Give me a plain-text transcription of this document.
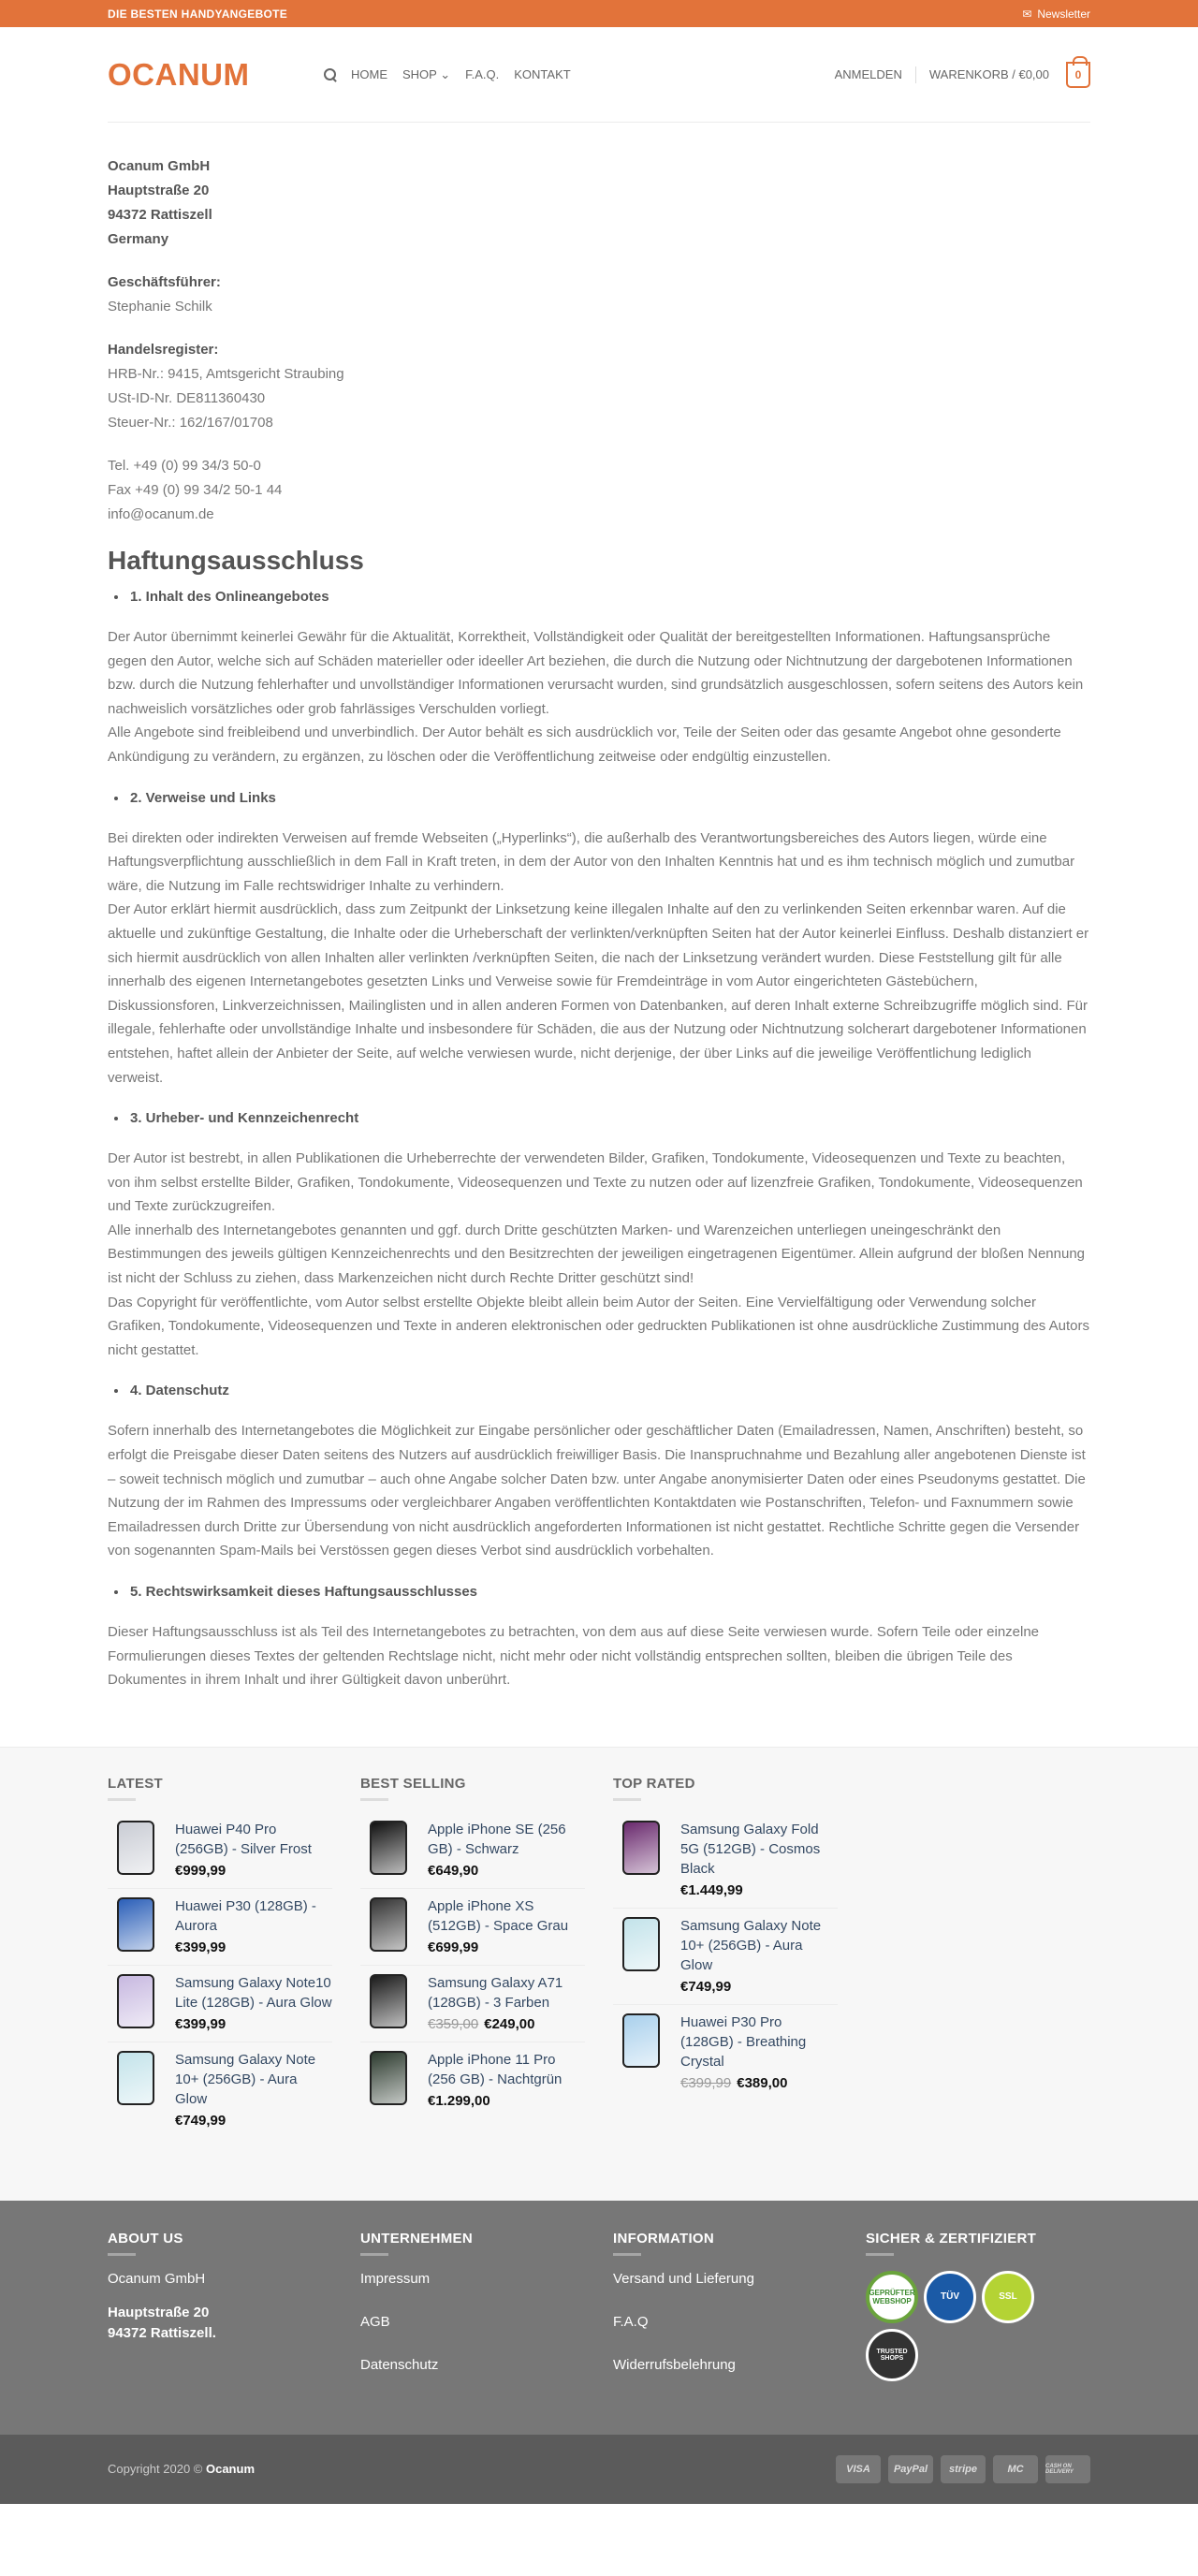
DIE BESTEN HANDYANGEBOTE	✉ Newsletter
OCANUM	HOME SHOP ⌄ F.A.Q. KONTAKT	ANMELDEN WARENKORB / €0,00	0

Ocanum GmbH

Hauptstraße 20

94372 Rattiszell

Germany

Geschäftsführer:

Stephanie Schilk

Handelsregister:

HRB-Nr.: 9415, Amtsgericht Straubing

USt-ID-Nr. DE811360430

Steuer-Nr.: 162/167/01708

Tel. +49 (0) 99 34/3 50-0

Fax +49 (0) 99 34/2 50-1 44

info@ocanum.de

Haftungsausschluss
• 1. Inhalt des Onlineangebotes

Der Autor übernimmt keinerlei Gewähr für die Aktualität, Korrektheit, Vollständigkeit oder Qualität der bereitgestellten Informationen. Haftungsansprüche gegen den Autor, welche sich auf Schäden materieller oder ideeller Art beziehen, die durch die Nutzung oder Nichtnutzung der dargebotenen Informationen bzw. durch die Nutzung fehlerhafter und unvollständiger Informationen verursacht wurden, sind grundsätzlich ausgeschlossen, sofern seitens des Autors kein nachweislich vorsätzliches oder grob fahrlässiges Verschulden vorliegt.

Alle Angebote sind freibleibend und unverbindlich. Der Autor behält es sich ausdrücklich vor, Teile der Seiten oder das gesamte Angebot ohne gesonderte Ankündigung zu verändern, zu ergänzen, zu löschen oder die Veröffentlichung zeitweise oder endgültig einzustellen.

• 2. Verweise und Links

Bei direkten oder indirekten Verweisen auf fremde Webseiten („Hyperlinks“), die außerhalb des Verantwortungsbereiches des Autors liegen, würde eine Haftungsverpflichtung ausschließlich in dem Fall in Kraft treten, in dem der Autor von den Inhalten Kenntnis hat und es ihm technisch möglich und zumutbar wäre, die Nutzung im Falle rechtswidriger Inhalte zu verhindern.

Der Autor erklärt hiermit ausdrücklich, dass zum Zeitpunkt der Linksetzung keine illegalen Inhalte auf den zu verlinkenden Seiten erkennbar waren. Auf die aktuelle und zukünftige Gestaltung, die Inhalte oder die Urheberschaft der verlinkten/verknüpften Seiten hat der Autor keinerlei Einfluss. Deshalb distanziert er sich hiermit ausdrücklich von allen Inhalten aller verlinkten /verknüpften Seiten, die nach der Linksetzung verändert wurden. Diese Feststellung gilt für alle innerhalb des eigenen Internetangebotes gesetzten Links und Verweise sowie für Fremdeinträge in vom Autor eingerichteten Gästebüchern, Diskussionsforen, Linkverzeichnissen, Mailinglisten und in allen anderen Formen von Datenbanken, auf deren Inhalt externe Schreibzugriffe möglich sind. Für illegale, fehlerhafte oder unvollständige Inhalte und insbesondere für Schäden, die aus der Nutzung oder Nichtnutzung solcherart dargebotener Informationen entstehen, haftet allein der Anbieter der Seite, auf welche verwiesen wurde, nicht derjenige, der über Links auf die jeweilige Veröffentlichung lediglich verweist.

• 3. Urheber- und Kennzeichenrecht

Der Autor ist bestrebt, in allen Publikationen die Urheberrechte der verwendeten Bilder, Grafiken, Tondokumente, Videosequenzen und Texte zu beachten, von ihm selbst erstellte Bilder, Grafiken, Tondokumente, Videosequenzen und Texte zu nutzen oder auf lizenzfreie Grafiken, Tondokumente, Videosequenzen und Texte zurückzugreifen.

Alle innerhalb des Internetangebotes genannten und ggf. durch Dritte geschützten Marken- und Warenzeichen unterliegen uneingeschränkt den Bestimmungen des jeweils gültigen Kennzeichenrechts und den Besitzrechten der jeweiligen eingetragenen Eigentümer. Allein aufgrund der bloßen Nennung ist nicht der Schluss zu ziehen, dass Markenzeichen nicht durch Rechte Dritter geschützt sind!

Das Copyright für veröffentlichte, vom Autor selbst erstellte Objekte bleibt allein beim Autor der Seiten. Eine Vervielfältigung oder Verwendung solcher Grafiken, Tondokumente, Videosequenzen und Texte in anderen elektronischen oder gedruckten Publikationen ist ohne ausdrückliche Zustimmung des Autors nicht gestattet.

• 4. Datenschutz

Sofern innerhalb des Internetangebotes die Möglichkeit zur Eingabe persönlicher oder geschäftlicher Daten (Emailadressen, Namen, Anschriften) besteht, so erfolgt die Preisgabe dieser Daten seitens des Nutzers auf ausdrücklich freiwilliger Basis. Die Inanspruchnahme und Bezahlung aller angebotenen Dienste ist – soweit technisch möglich und zumutbar – auch ohne Angabe solcher Daten bzw. unter Angabe anonymisierter Daten oder eines Pseudonyms gestattet. Die Nutzung der im Rahmen des Impressums oder vergleichbarer Angaben veröffentlichten Kontaktdaten wie Postanschriften, Telefon- und Faxnummern sowie Emailadressen durch Dritte zur Übersendung von nicht ausdrücklich angeforderten Informationen ist nicht gestattet. Rechtliche Schritte gegen die Versender von sogenannten Spam-Mails bei Verstössen gegen dieses Verbot sind ausdrücklich vorbehalten.

• 5. Rechtswirksamkeit dieses Haftungsausschlusses

Dieser Haftungsausschluss ist als Teil des Internetangebotes zu betrachten, von dem aus auf diese Seite verwiesen wurde. Sofern Teile oder einzelne Formulierungen dieses Textes der geltenden Rechtslage nicht, nicht mehr oder nicht vollständig entsprechen sollten, bleiben die übrigen Teile des Dokumentes in ihrem Inhalt und ihrer Gültigkeit davon unberührt.

LATEST
Huawei P40 Pro (256GB) - Silver Frost
€999,99
Huawei P30 (128GB) - Aurora
€399,99
Samsung Galaxy Note10 Lite (128GB) - Aura Glow
€399,99
Samsung Galaxy Note 10+ (256GB) - Aura Glow
€749,99
BEST SELLING
Apple iPhone SE (256 GB) - Schwarz
€649,90
Apple iPhone XS (512GB) - Space Grau
€699,99
Samsung Galaxy A71 (128GB) - 3 Farben
€359,00 €249,00
Apple iPhone 11 Pro (256 GB) - Nachtgrün
€1.299,00
TOP RATED
Samsung Galaxy Fold 5G (512GB) - Cosmos Black
€1.449,99
Samsung Galaxy Note 10+ (256GB) - Aura Glow
€749,99
Huawei P30 Pro (128GB) - Breathing Crystal
€399,99 €389,00
ABOUT US

Ocanum GmbH

Hauptstraße 20
94372 Rattiszell.

UNTERNEHMEN
Impressum
AGB
Datenschutz
INFORMATION
Versand und Lieferung
F.A.Q
Widerrufsbelehrung
SICHER & ZERTIFIZIERT
GEPRÜFTER WEBSHOP	TÜV	SSL
TRUSTED SHOPS
Copyright 2020 © Ocanum	VISA	PayPal	stripe	MC	CASH ON DELIVERY
